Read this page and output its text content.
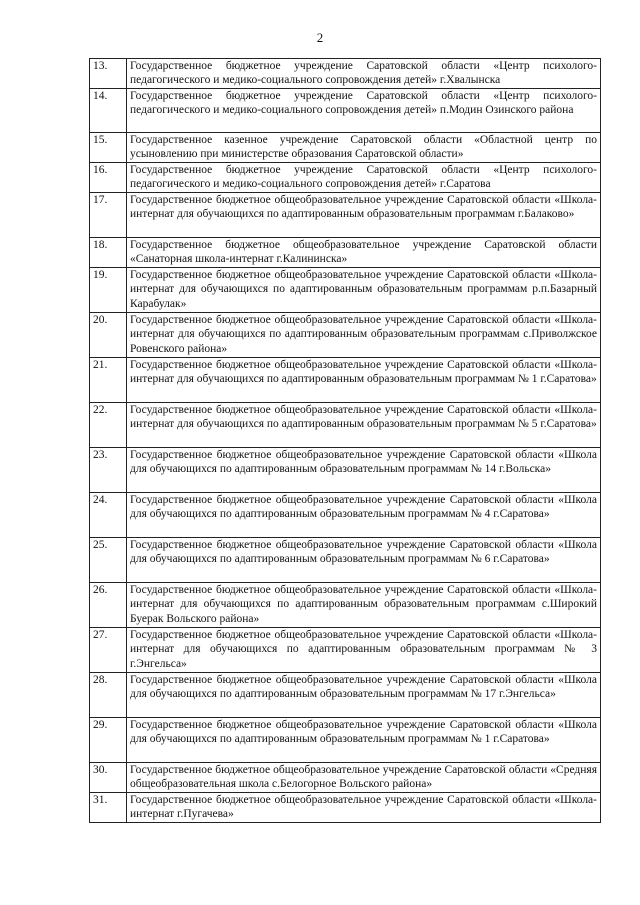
2
13.	Государственное бюджетное учреждение Саратовской области «Центр психолого-педагогического и медико-социального сопровождения детей» г.Хвалынска
14.	Государственное бюджетное учреждение Саратовской области «Центр психолого-педагогического и медико-социального сопровождения детей» п.Модин Озинского района
15.	Государственное казенное учреждение Саратовской области «Областной центр по усыновлению при министерстве образования Саратовской области»
16.	Государственное бюджетное учреждение Саратовской области «Центр психолого-педагогического и медико-социального сопровождения детей» г.Саратова
17.	Государственное бюджетное общеобразовательное учреждение Саратовской области «Школа-интернат для обучающихся по адаптированным образовательным программам г.Балаково»
18.	Государственное бюджетное общеобразовательное учреждение Саратовской области «Санаторная школа-интернат г.Калининска»
19.	Государственное бюджетное общеобразовательное учреждение Саратовской области «Школа-интернат для обучающихся по адаптированным образовательным программам р.п.Базарный Карабулак»
20.	Государственное бюджетное общеобразовательное учреждение Саратовской области «Школа-интернат для обучающихся по адаптированным образовательным программам с.Приволжское Ровенского района»
21.	Государственное бюджетное общеобразовательное учреждение Саратовской области «Школа-интернат для обучающихся по адаптированным образовательным программам № 1 г.Саратова»
22.	Государственное бюджетное общеобразовательное учреждение Саратовской области «Школа-интернат для обучающихся по адаптированным образовательным программам № 5 г.Саратова»
23.	Государственное бюджетное общеобразовательное учреждение Саратовской области «Школа для обучающихся по адаптированным образовательным программам № 14 г.Вольска»
24.	Государственное бюджетное общеобразовательное учреждение Саратовской области «Школа для обучающихся по адаптированным образовательным программам № 4 г.Саратова»
25.	Государственное бюджетное общеобразовательное учреждение Саратовской области «Школа для обучающихся по адаптированным образовательным программам № 6 г.Саратова»
26.	Государственное бюджетное общеобразовательное учреждение Саратовской области «Школа-интернат для обучающихся по адаптированным образовательным программам с.Широкий Буерак Вольского района»
27.	Государственное бюджетное общеобразовательное учреждение Саратовской области «Школа-интернат для обучающихся по адаптированным образовательным программам № 3 г.Энгельса»
28.	Государственное бюджетное общеобразовательное учреждение Саратовской области «Школа для обучающихся по адаптированным образовательным программам № 17 г.Энгельса»
29.	Государственное бюджетное общеобразовательное учреждение Саратовской области «Школа для обучающихся по адаптированным образовательным программам № 1 г.Саратова»
30.	Государственное бюджетное общеобразовательное учреждение Саратовской области «Средняя общеобразовательная школа с.Белогорное Вольского района»
31.	Государственное бюджетное общеобразовательное учреждение Саратовской области «Школа-интернат г.Пугачева»
